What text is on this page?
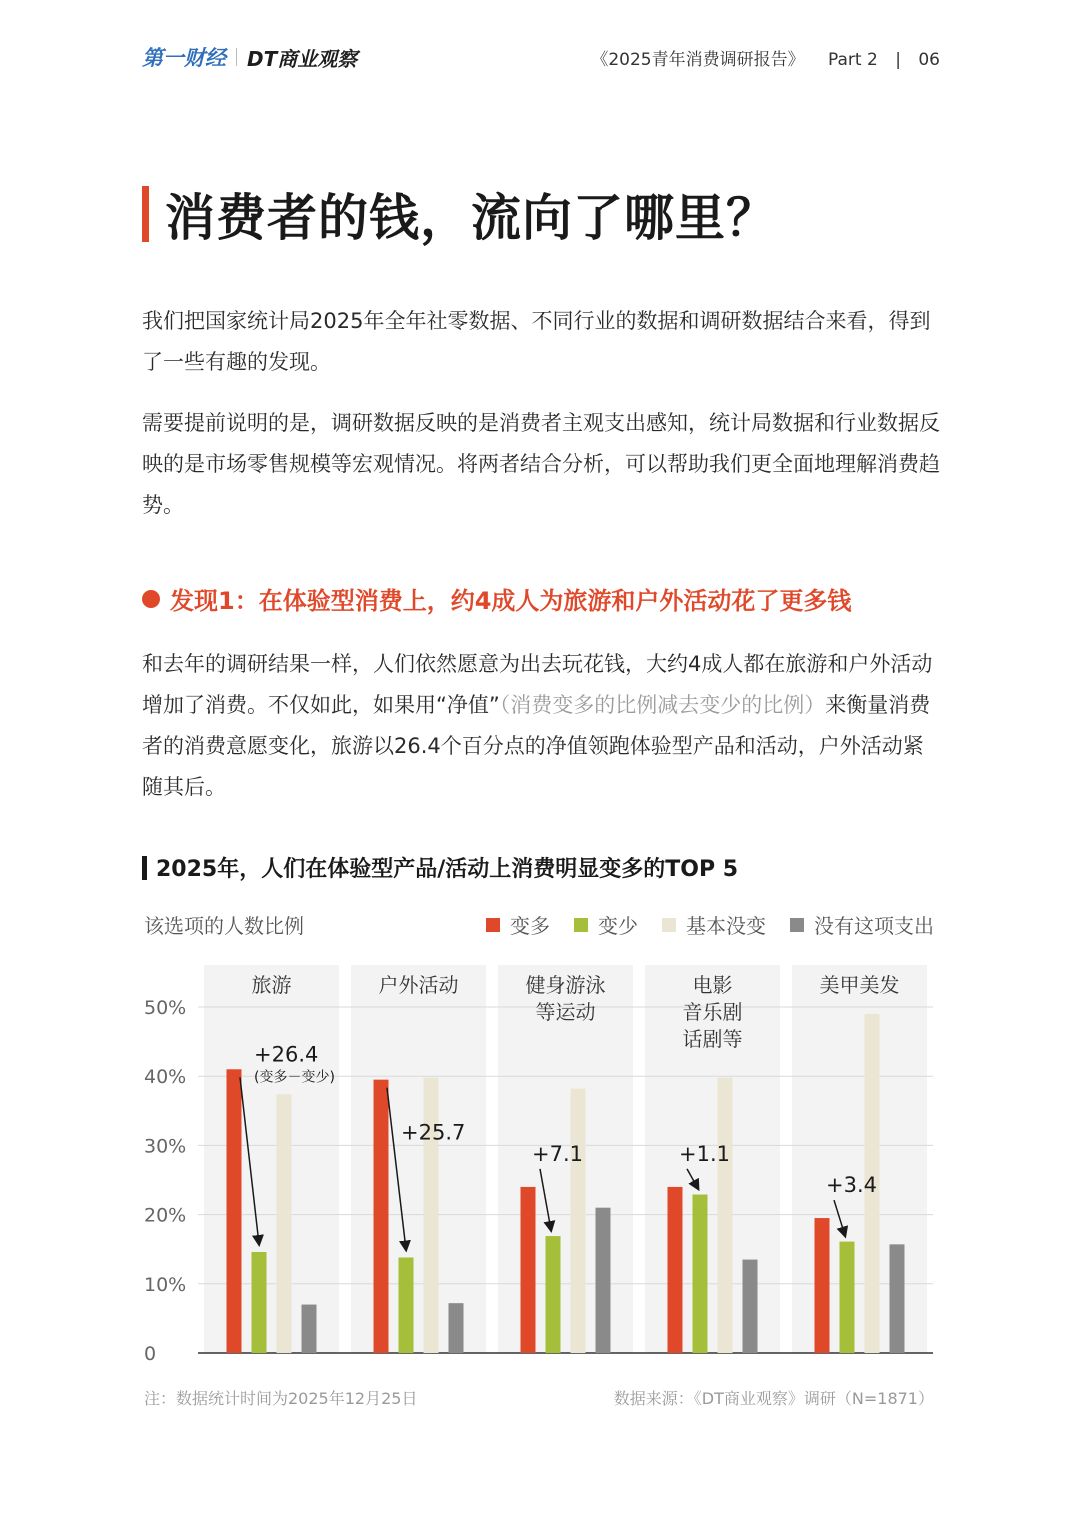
第一财经 DT商业观察	《2025青年消费调研报告》 Part 2 | 06
消费者的钱，流向了哪里？

我们把国家统计局2025年全年社零数据、不同行业的数据和调研数据结合来看，得到了一些有趣的发现。

需要提前说明的是，调研数据反映的是消费者主观支出感知，统计局数据和行业数据反映的是市场零售规模等宏观情况。将两者结合分析，可以帮助我们更全面地理解消费趋势。

发现1：在体验型消费上，约4成人为旅游和户外活动花了更多钱

和去年的调研结果一样，人们依然愿意为出去玩花钱，大约4成人都在旅游和户外活动增加了消费。不仅如此，如果用“净值”（消费变多的比例减去变少的比例）来衡量消费者的消费意愿变化，旅游以26.4个百分点的净值领跑体验型产品和活动，户外活动紧随其后。

2025年，人们在体验型产品/活动上消费明显变多的TOP 5
该选项的人数比例	变多 变少 基本没变 没有这项支出
0
10%
20%
30%
40%
50%
旅游	户外活动	健身游泳
等运动
电影
音乐剧
话剧等
美甲美发
+26.4
(变多－变少)
+25.7
+7.1	+1.1
+3.4
注：数据统计时间为2025年12月25日	数据来源：《DT商业观察》调研（N=1871）
